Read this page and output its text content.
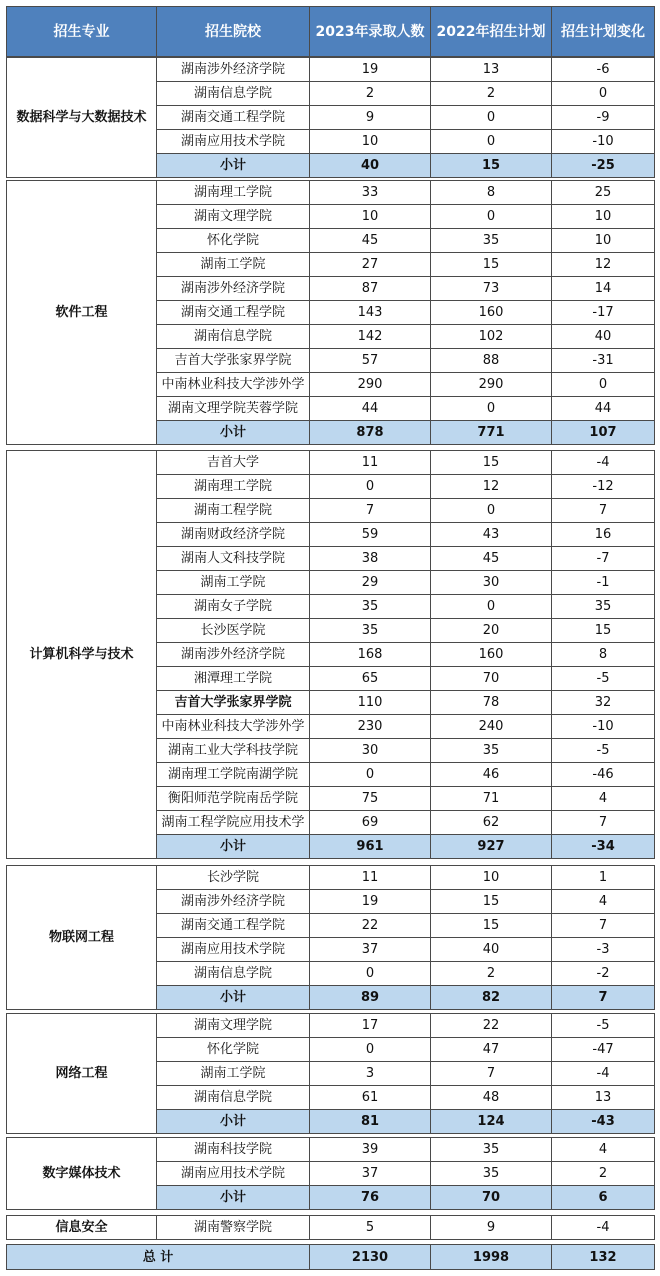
招生专业	招生院校	2023年录取人数	2022年招生计划	招生计划变化
数据科学与大数据技术	湖南涉外经济学院	19	13	-6
	湖南信息学院	2	2	0
	湖南交通工程学院	9	0	-9
	湖南应用技术学院	10	0	-10
	小计	40	15	-25
软件工程	湖南理工学院	33	8	25
	湖南文理学院	10	0	10
	怀化学院	45	35	10
	湖南工学院	27	15	12
	湖南涉外经济学院	87	73	14
	湖南交通工程学院	143	160	-17
	湖南信息学院	142	102	40
	吉首大学张家界学院	57	88	-31
	中南林业科技大学涉外学	290	290	0
	湖南文理学院芙蓉学院	44	0	44
	小计	878	771	107
计算机科学与技术	吉首大学	11	15	-4
	湖南理工学院	0	12	-12
	湖南工程学院	7	0	7
	湖南财政经济学院	59	43	16
	湖南人文科技学院	38	45	-7
	湖南工学院	29	30	-1
	湖南女子学院	35	0	35
	长沙医学院	35	20	15
	湖南涉外经济学院	168	160	8
	湘潭理工学院	65	70	-5
	吉首大学张家界学院	110	78	32
	中南林业科技大学涉外学	230	240	-10
	湖南工业大学科技学院	30	35	-5
	湖南理工学院南湖学院	0	46	-46
	衡阳师范学院南岳学院	75	71	4
	湖南工程学院应用技术学	69	62	7
	小计	961	927	-34
物联网工程	长沙学院	11	10	1
	湖南涉外经济学院	19	15	4
	湖南交通工程学院	22	15	7
	湖南应用技术学院	37	40	-3
	湖南信息学院	0	2	-2
	小计	89	82	7
网络工程	湖南文理学院	17	22	-5
	怀化学院	0	47	-47
	湖南工学院	3	7	-4
	湖南信息学院	61	48	13
	小计	81	124	-43
数字媒体技术	湖南科技学院	39	35	4
	湖南应用技术学院	37	35	2
	小计	76	70	6
信息安全	湖南警察学院	5	9	-4
总 计	2130	1998	132
